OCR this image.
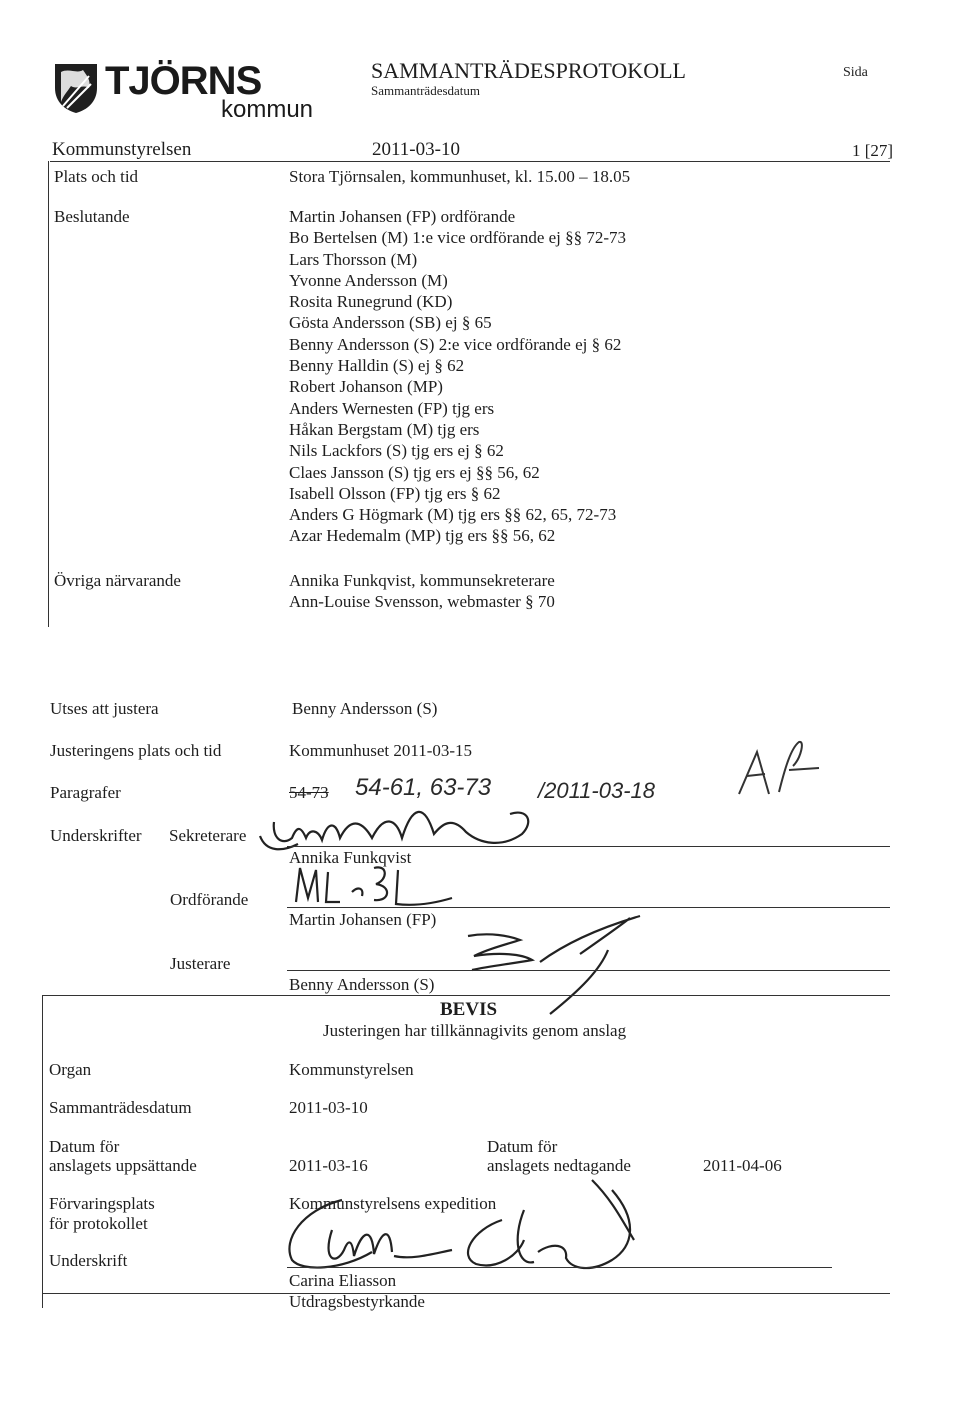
TJÖRNS
kommun
SAMMANTRÄDESPROTOKOLL
Sammanträdesdatum
Sida
Kommunstyrelsen	2011-03-10	1 [27]
Plats och tid	Stora Tjörnsalen, kommunhuset, kl. 15.00 – 18.05
Beslutande	Martin Johansen (FP) ordförande
Bo Bertelsen (M) 1:e vice ordförande ej §§ 72-73
Lars Thorsson (M)
Yvonne Andersson (M)
Rosita Runegrund (KD)
Gösta Andersson (SB) ej § 65
Benny Andersson (S) 2:e vice ordförande ej § 62
Benny Halldin (S) ej § 62
Robert Johanson (MP)
Anders Wernesten (FP) tjg ers
Håkan Bergstam (M) tjg ers
Nils Lackfors (S) tjg ers ej § 62
Claes Jansson (S) tjg ers ej §§ 56, 62
Isabell Olsson (FP) tjg ers § 62
Anders G Högmark (M) tjg ers §§ 62, 65, 72-73
Azar Hedemalm (MP) tjg ers §§ 56, 62
Övriga närvarande	Annika Funkqvist, kommunsekreterare
Ann-Louise Svensson, webmaster § 70
Utses att justera	Benny Andersson (S)
Justeringens plats och tid	Kommunhuset 2011-03-15
Paragrafer	54-73 54-61, 63-73 /2011-03-18
Underskrifter Sekreterare
Annika Funkqvist
Ordförande
Martin Johansen (FP)
Justerare
Benny Andersson (S)
BEVIS
Justeringen har tillkännagivits genom anslag
Organ	Kommunstyrelsen
Sammanträdesdatum	2011-03-10
Datum för
anslagets uppsättande	2011-03-16
Datum för
anslagets nedtagande	2011-04-06
Förvaringsplats
för protokollet
Kommunstyrelsens expedition
Underskrift
Carina Eliasson
Utdragsbestyrkande
